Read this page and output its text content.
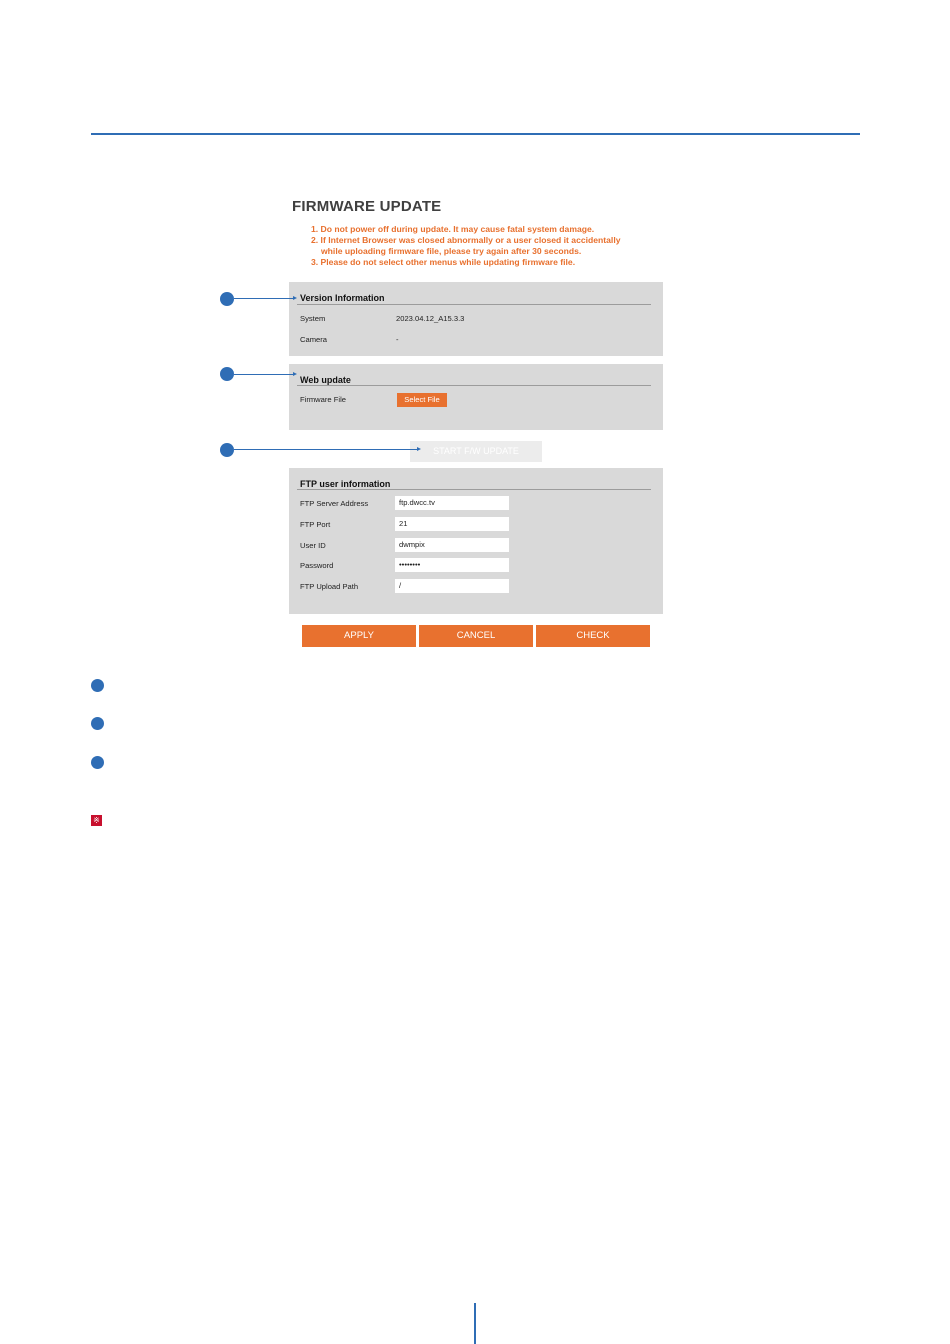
FIRMWARE UPDATE
1. Do not power off during update. It may cause fatal system damage.
2. If Internet Browser was closed abnormally or a user closed it accidentally
while uploading firmware file, please try again after 30 seconds.
3. Please do not select other menus while updating firmware file.
Version Information
System	2023.04.12_A15.3.3
Camera	-
Web update
Firmware File	Select File
START F/W UPDATE
FTP user information
FTP Server Address	ftp.dwcc.tv
FTP Port	21
User ID	dwmpix
Password	••••••••
FTP Upload Path	/
APPLY	CANCEL	CHECK
※
